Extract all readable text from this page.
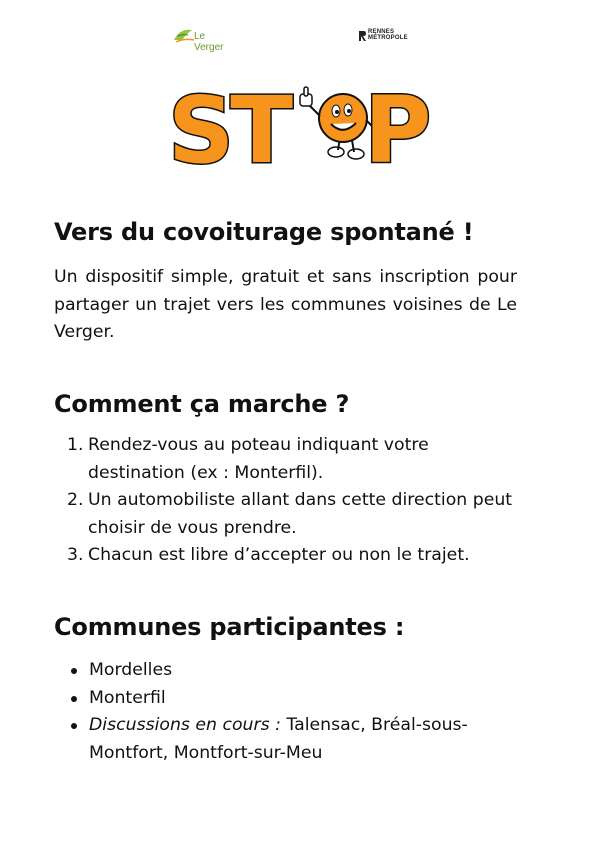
Le Verger
RENNES
MÉTROPOLE
ST P
Vers du covoiturage spontané !

Un dispositif simple, gratuit et sans inscription pour partager un trajet vers les communes voisines de Le Verger.

Comment ça marche ?
1. Rendez-vous au poteau indiquant votre destination (ex : Monterfil).
2. Un automobiliste allant dans cette direction peut choisir de vous prendre.
3. Chacun est libre d’accepter ou non le trajet.
Communes participantes :
Mordelles
Monterfil
Discussions en cours : Talensac, Bréal-sous-Montfort, Montfort-sur-Meu
